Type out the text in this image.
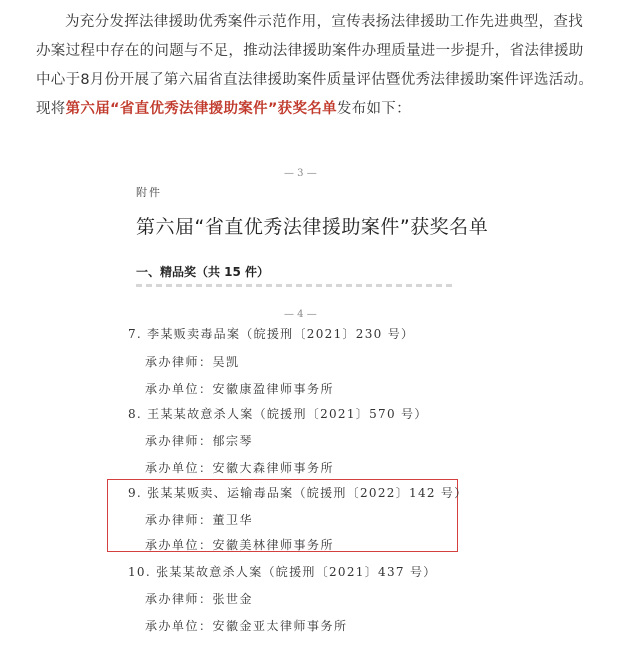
为充分发挥法律援助优秀案件示范作用，宣传表扬法律援助工作先进典型，查找办案过程中存在的问题与不足，推动法律援助案件办理质量进一步提升，省法律援助中心于8月份开展了第六届省直法律援助案件质量评估暨优秀法律援助案件评选活动。现将第六届“省直优秀法律援助案件”获奖名单发布如下：

— 3 —
附件
第六届“省直优秀法律援助案件”获奖名单
一、精品奖（共 15 件）
— 4 —
7. 李某贩卖毒品案（皖援刑〔2021〕230 号）
承办律师：吴凯
承办单位：安徽康盈律师事务所
8. 王某某故意杀人案（皖援刑〔2021〕570 号）
承办律师：郁宗琴
承办单位：安徽大森律师事务所
9. 张某某贩卖、运输毒品案（皖援刑〔2022〕142 号）
承办律师：董卫华
承办单位：安徽美林律师事务所
10. 张某某故意杀人案（皖援刑〔2021〕437 号）
承办律师：张世金
承办单位：安徽金亚太律师事务所
